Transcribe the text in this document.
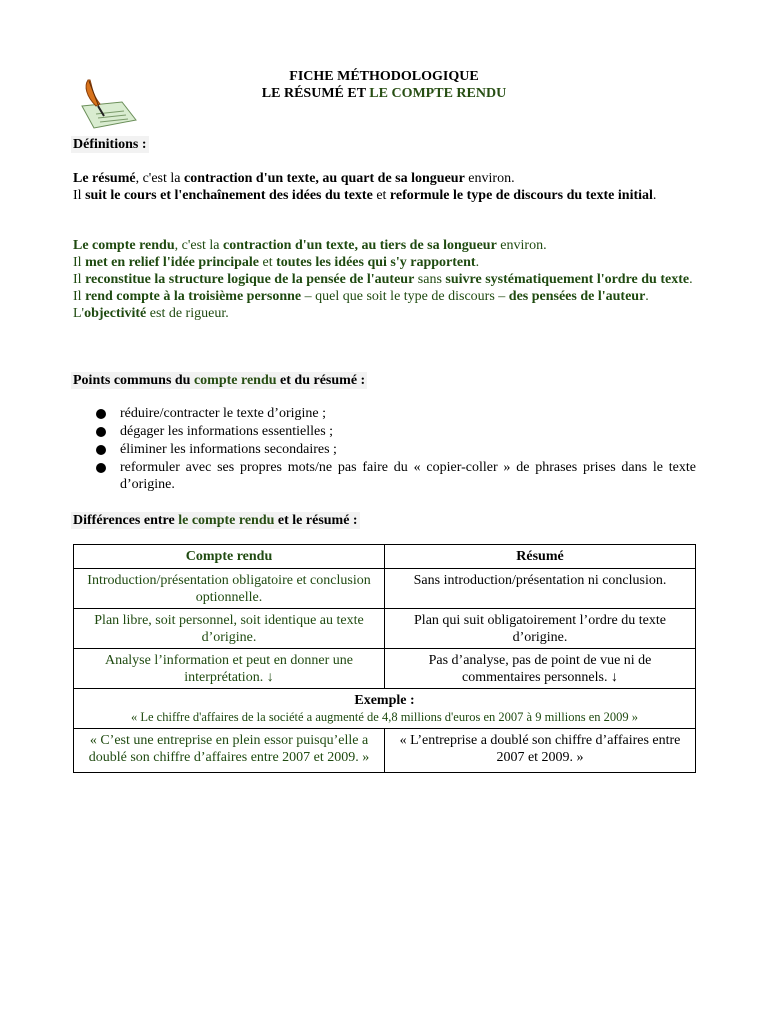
FICHE MÉTHODOLOGIQUE
LE RÉSUMÉ ET LE COMPTE RENDU
Définitions :
Le résumé, c'est la contraction d'un texte, au quart de sa longueur environ.
Il suit le cours et l'enchaînement des idées du texte et reformule le type de discours du texte initial.
Le compte rendu, c'est la contraction d'un texte, au tiers de sa longueur environ.
Il met en relief l'idée principale et toutes les idées qui s'y rapportent.
Il reconstitue la structure logique de la pensée de l'auteur sans suivre systématiquement l'ordre du texte.
Il rend compte à la troisième personne – quel que soit le type de discours – des pensées de l'auteur.
L'objectivité est de rigueur.
Points communs du compte rendu et du résumé :
réduire/contracter le texte d’origine ;
dégager les informations essentielles ;
éliminer les informations secondaires ;
reformuler avec ses propres mots/ne pas faire du « copier-coller » de phrases prises dans le texte d’origine.
Différences entre le compte rendu et le résumé :
Compte rendu	Résumé
Introduction/présentation obligatoire et conclusion optionnelle.	Sans introduction/présentation ni conclusion.
Plan libre, soit personnel, soit identique au texte d’origine.	Plan qui suit obligatoirement l’ordre du texte d’origine.
Analyse l’information et peut en donner une interprétation. ↓	Pas d’analyse, pas de point de vue ni de commentaires personnels. ↓

Exemple :
« Le chiffre d'affaires de la société a augmenté de 4,8 millions d'euros en 2007 à 9 millions en 2009 »	

« C’est une entreprise en plein essor puisqu’elle a doublé son chiffre d’affaires entre 2007 et 2009. »	« L’entreprise a doublé son chiffre d’affaires entre 2007 et 2009. »
